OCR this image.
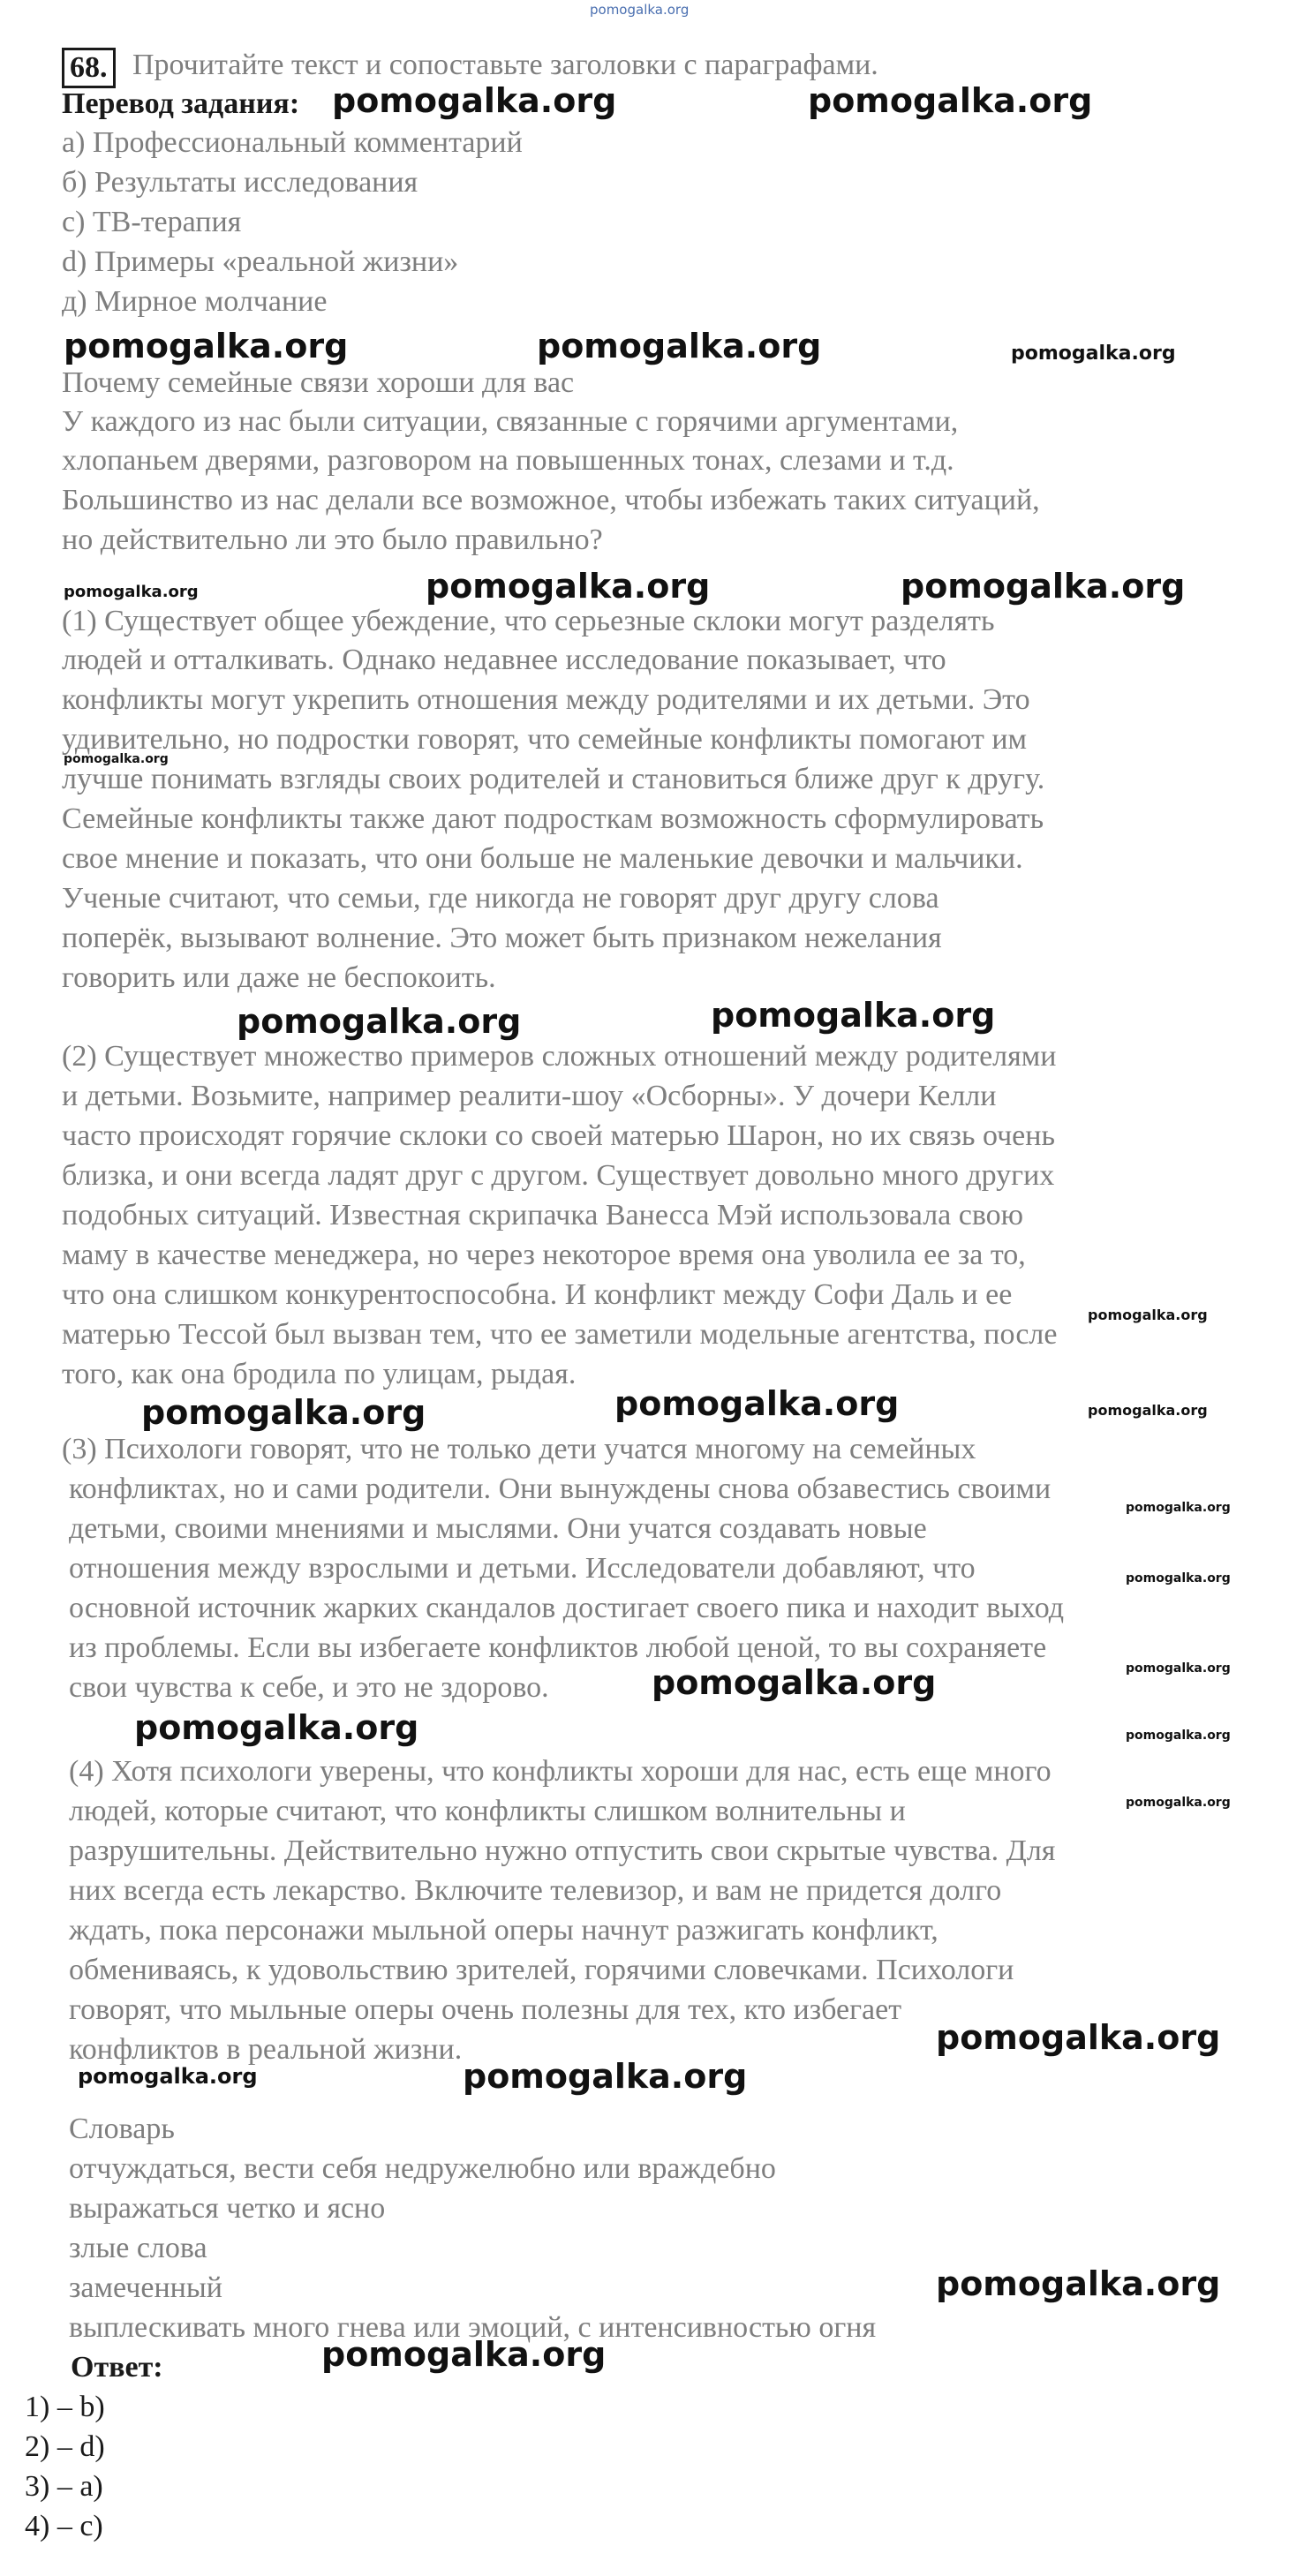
pomogalka.org
68. Прочитайте текст и сопоставьте заголовки с параграфами.
Перевод задания:
a) Профессиональный комментарий
б) Результаты исследования
с) ТВ-терапия
d) Примеры «реальной жизни»
д) Мирное молчание
Почему семейные связи хороши для вас
У каждого из нас были ситуации, связанные с горячими аргументами,
хлопаньем дверями, разговором на повышенных тонах, слезами и т.д.
Большинство из нас делали все возможное, чтобы избежать таких ситуаций,
но действительно ли это было правильно?
(1) Существует общее убеждение, что серьезные склоки могут разделять
людей и отталкивать. Однако недавнее исследование показывает, что
конфликты могут укрепить отношения между родителями и их детьми. Это
удивительно, но подростки говорят, что семейные конфликты помогают им
лучше понимать взгляды своих родителей и становиться ближе друг к другу.
Семейные конфликты также дают подросткам возможность сформулировать
свое мнение и показать, что они больше не маленькие девочки и мальчики.
Ученые считают, что семьи, где никогда не говорят друг другу слова
поперёк, вызывают волнение. Это может быть признаком нежелания
говорить или даже не беспокоить.
(2) Существует множество примеров сложных отношений между родителями
и детьми. Возьмите, например реалити-шоу «Осборны». У дочери Келли
часто происходят горячие склоки со своей матерью Шарон, но их связь очень
близка, и они всегда ладят друг с другом. Существует довольно много других
подобных ситуаций. Известная скрипачка Ванесса Мэй использовала свою
маму в качестве менеджера, но через некоторое время она уволила ее за то,
что она слишком конкурентоспособна. И конфликт между Софи Даль и ее
матерью Тессой был вызван тем, что ее заметили модельные агентства, после
того, как она бродила по улицам, рыдая.
(3) Психологи говорят, что не только дети учатся многому на семейных
конфликтах, но и сами родители. Они вынуждены снова обзавестись своими
детьми, своими мнениями и мыслями. Они учатся создавать новые
отношения между взрослыми и детьми. Исследователи добавляют, что
основной источник жарких скандалов достигает своего пика и находит выход
из проблемы. Если вы избегаете конфликтов любой ценой, то вы сохраняете
свои чувства к себе, и это не здорово.
(4) Хотя психологи уверены, что конфликты хороши для нас, есть еще много
людей, которые считают, что конфликты слишком волнительны и
разрушительны. Действительно нужно отпустить свои скрытые чувства. Для
них всегда есть лекарство. Включите телевизор, и вам не придется долго
ждать, пока персонажи мыльной оперы начнут разжигать конфликт,
обмениваясь, к удовольствию зрителей, горячими словечками. Психологи
говорят, что мыльные оперы очень полезны для тех, кто избегает
конфликтов в реальной жизни.
Словарь
отчуждаться, вести себя недружелюбно или враждебно
выражаться четко и ясно
злые слова
замеченный
выплескивать много гнева или эмоций, с интенсивностью огня
Ответ:
1) – b)
2) – d)
3) – a)
4) – c)
pomogalka.org	pomogalka.org
pomogalka.org	pomogalka.org	pomogalka.org
pomogalka.org	pomogalka.org	pomogalka.org
pomogalka.org
pomogalka.org	pomogalka.org
pomogalka.org
pomogalka.org	pomogalka.org	pomogalka.org
pomogalka.org
pomogalka.org
pomogalka.org
pomogalka.org
pomogalka.org	pomogalka.org
pomogalka.org
pomogalka.org
pomogalka.org	pomogalka.org
pomogalka.org
pomogalka.org
